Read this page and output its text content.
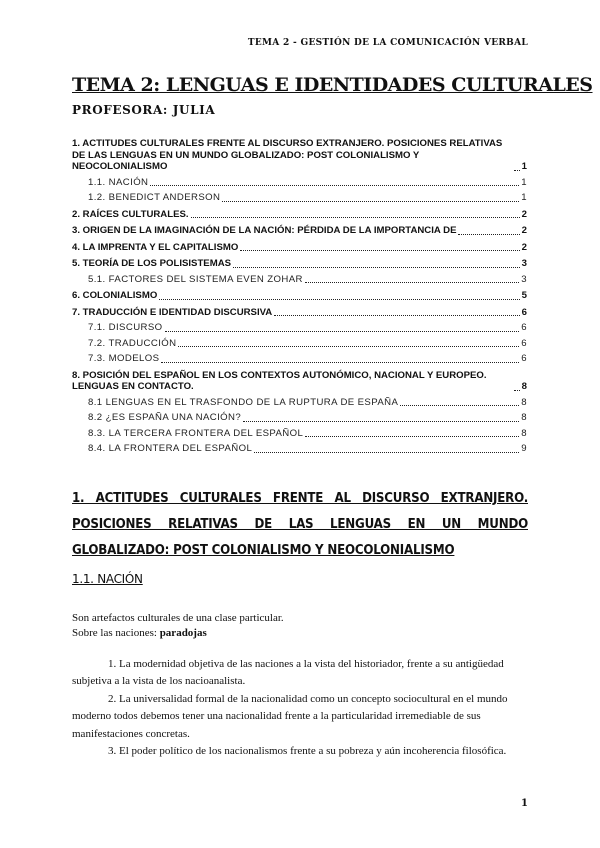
TEMA 2 - GESTIÓN DE LA COMUNICACIÓN VERBAL
TEMA 2: LENGUAS E IDENTIDADES CULTURALES
PROFESORA: JULIA
1. ACTITUDES CULTURALES FRENTE AL DISCURSO EXTRANJERO. POSICIONES RELATIVAS DE LAS LENGUAS EN UN MUNDO GLOBALIZADO: POST COLONIALISMO Y NEOCOLONIALISMO	1
1.1. NACIÓN	1
1.2. BENEDICT ANDERSON	1
2. RAÍCES CULTURALES.	2
3. ORIGEN DE LA IMAGINACIÓN DE LA NACIÓN: PÉRDIDA DE LA IMPORTANCIA DE	2
4. LA IMPRENTA Y EL CAPITALISMO	2
5. TEORÍA DE LOS POLISISTEMAS	3
5.1. FACTORES DEL SISTEMA EVEN ZOHAR	3
6. COLONIALISMO	5
7. TRADUCCIÓN E IDENTIDAD DISCURSIVA	6
7.1. DISCURSO	6
7.2. TRADUCCIÓN	6
7.3. MODELOS	6
8. POSICIÓN DEL ESPAÑOL EN LOS CONTEXTOS AUTONÓMICO, NACIONAL Y EUROPEO. LENGUAS EN CONTACTO.	8
8.1 LENGUAS EN EL TRASFONDO DE LA RUPTURA DE ESPAÑA	8
8.2 ¿ES ESPAÑA UNA NACIÓN?	8
8.3. LA TERCERA FRONTERA DEL ESPAÑOL	8
8.4. LA FRONTERA DEL ESPAÑOL	9
1. ACTITUDES CULTURALES FRENTE AL DISCURSO EXTRANJERO. POSICIONES RELATIVAS DE LAS LENGUAS EN UN MUNDO GLOBALIZADO: POST COLONIALISMO Y NEOCOLONIALISMO
1.1. NACIÓN
Son artefactos culturales de una clase particular.
Sobre las naciones: paradojas

1. La modernidad objetiva de las naciones a la vista del historiador, frente a su antigüedad subjetiva a la vista de los nacioanalista.

2. La universalidad formal de la nacionalidad como un concepto sociocultural en el mundo moderno todos debemos tener una nacionalidad frente a la particularidad irremediable de sus manifestaciones concretas.

3. El poder político de los nacionalismos frente a su pobreza y aún incoherencia filosófica.

1
